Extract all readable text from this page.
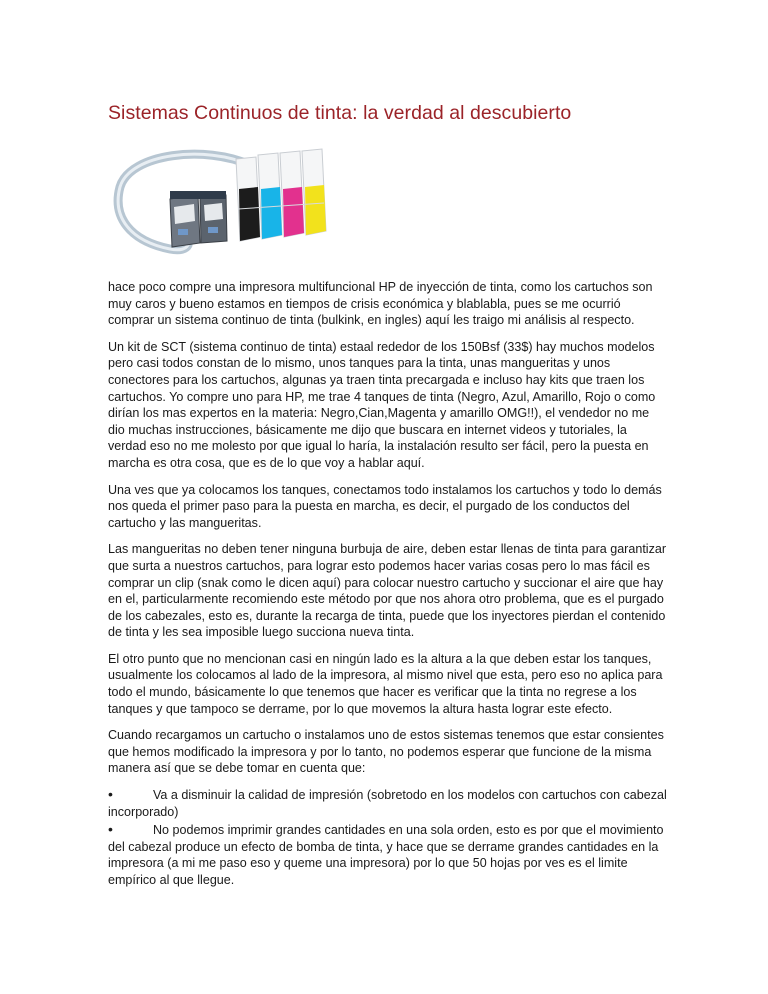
Sistemas Continuos de tinta: la verdad al descubierto

hace poco compre una impresora multifuncional HP de inyección de tinta, como los cartuchos son muy caros y bueno estamos en tiempos de crisis económica y blablabla, pues se me ocurrió comprar un sistema continuo de tinta (bulkink, en ingles) aquí les traigo mi análisis al respecto.

Un kit de SCT (sistema continuo de tinta) estaal rededor de los 150Bsf (33$) hay muchos modelos pero casi todos constan de lo mismo, unos tanques para la tinta, unas mangueritas y unos conectores para los cartuchos, algunas ya traen tinta precargada e incluso hay kits que traen los cartuchos. Yo compre uno para HP, me trae 4 tanques de tinta (Negro, Azul, Amarillo, Rojo o como dirían los mas expertos en la materia: Negro,Cian,Magenta y amarillo OMG!!), el vendedor no me dio muchas instrucciones, básicamente me dijo que buscara en internet videos y tutoriales, la verdad eso no me molesto por que igual lo haría, la instalación resulto ser fácil, pero la puesta en marcha es otra cosa, que es de lo que voy a hablar aquí.

Una ves que ya colocamos los tanques, conectamos todo instalamos los cartuchos y todo lo demás nos queda el primer paso para la puesta en marcha, es decir, el purgado de los conductos del cartucho y las mangueritas.

Las mangueritas no deben tener ninguna burbuja de aire, deben estar llenas de tinta para garantizar que surta a nuestros cartuchos, para lograr esto podemos hacer varias cosas pero lo mas fácil es comprar un clip (snak como le dicen aquí) para colocar nuestro cartucho y succionar el aire que hay en el, particularmente recomiendo este método por que nos ahora otro problema, que es el purgado de los cabezales, esto es, durante la recarga de tinta, puede que los inyectores pierdan el contenido de tinta y les sea imposible luego succiona nueva tinta.

El otro punto que no mencionan casi en ningún lado es la altura a la que deben estar los tanques, usualmente los colocamos al lado de la impresora, al mismo nivel que esta, pero eso no aplica para todo el mundo, básicamente lo que tenemos que hacer es verificar que la tinta no regrese a los tanques y que tampoco se derrame, por lo que movemos la altura hasta lograr este efecto.

Cuando recargamos un cartucho o instalamos uno de estos sistemas tenemos que estar consientes que hemos modificado la impresora y por lo tanto, no podemos esperar que funcione de la misma manera así que se debe tomar en cuenta que:

•	Va a disminuir la calidad de impresión (sobretodo en los modelos con cartuchos con cabezal incorporado)
•	No podemos imprimir grandes cantidades en una sola orden, esto es por que el movimiento del cabezal produce un efecto de bomba de tinta, y hace que se derrame grandes cantidades en la impresora (a mi me paso eso y queme una impresora) por lo que 50 hojas por ves es el limite empírico al que llegue.
